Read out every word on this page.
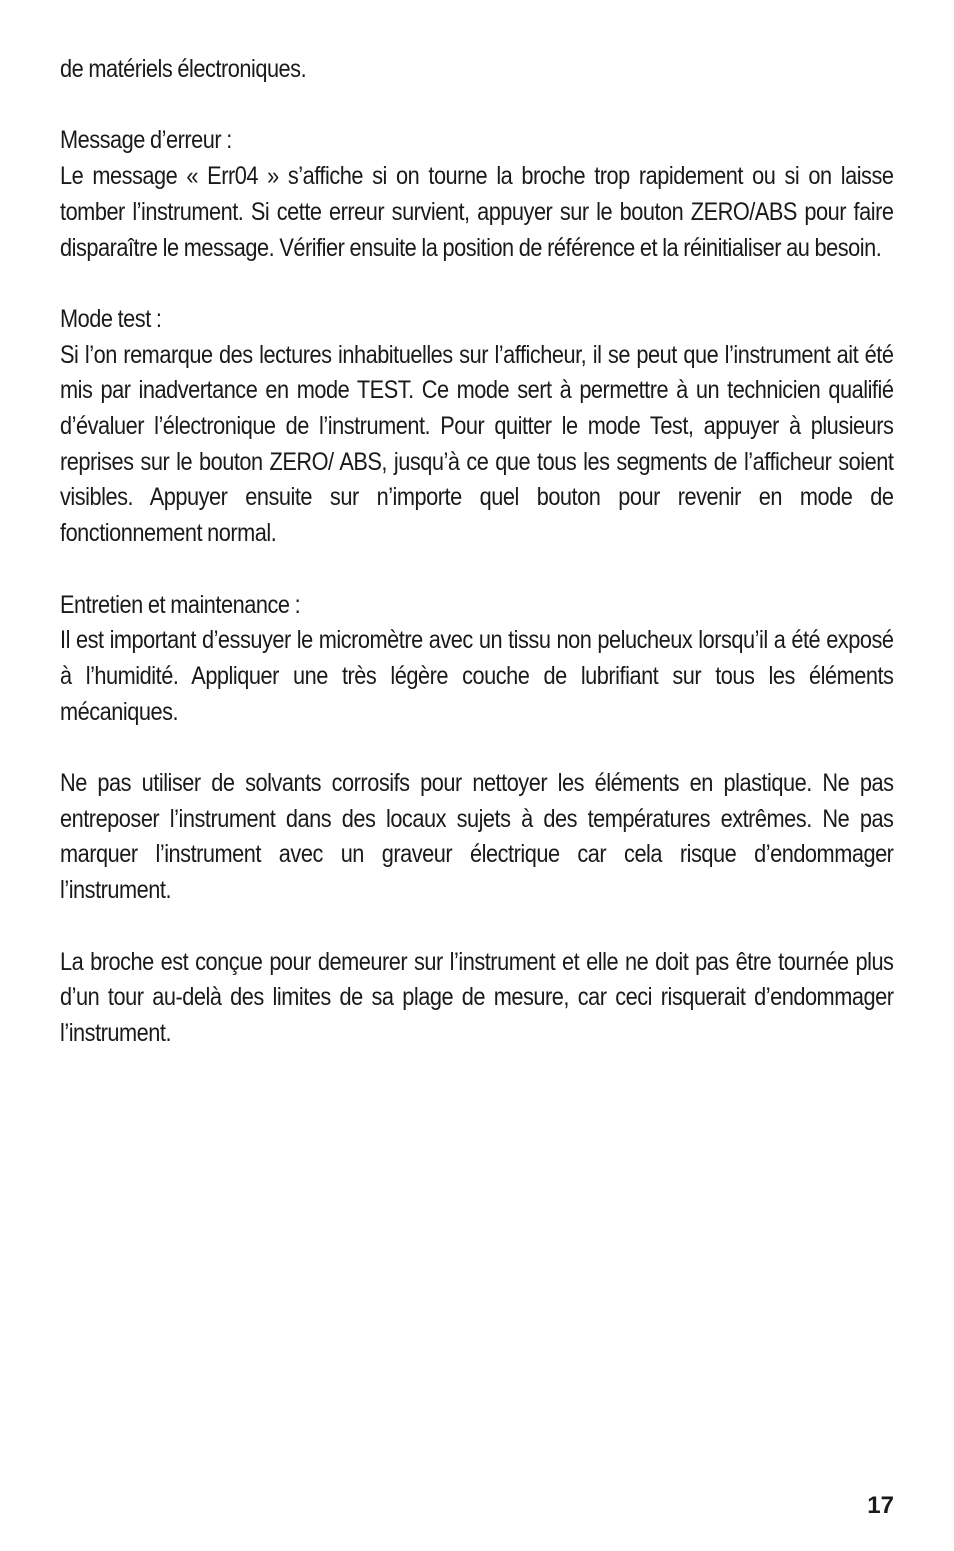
de matériels électroniques.

Message d’erreur :

Le message « Err04 » s’affiche si on tourne la broche trop rapidement ou si on laisse tomber l’instrument. Si cette erreur survient, appuyer sur le bouton ZERO/ABS pour faire disparaître le message. Vérifier ensuite la position de référence et la réinitialiser au besoin.

Mode test :

Si l’on remarque des lectures inhabituelles sur l’afficheur, il se peut que l’instrument ait été mis par inadvertance en mode TEST. Ce mode sert à permettre à un technicien qualifié d’évaluer l’électronique de l’instrument. Pour quitter le mode Test, appuyer à plusieurs reprises sur le bouton ZERO/ ABS, jusqu’à ce que tous les segments de l’afficheur soient visibles. Appuyer ensuite sur n’importe quel bouton pour revenir en mode de fonctionnement normal.

Entretien et maintenance :

Il est important d’essuyer le micromètre avec un tissu non pelucheux lorsqu’il a été exposé à l’humidité. Appliquer une très légère couche de lubrifiant sur tous les éléments mécaniques.

Ne pas utiliser de solvants corrosifs pour nettoyer les éléments en plastique. Ne pas entreposer l’instrument dans des locaux sujets à des températures extrêmes. Ne pas marquer l’instrument avec un graveur électrique car cela risque d’endommager l’instrument.

La broche est conçue pour demeurer sur l’instrument et elle ne doit pas être tournée plus d’un tour au-delà des limites de sa plage de mesure, car ceci risquerait d’endommager l’instrument.

17
